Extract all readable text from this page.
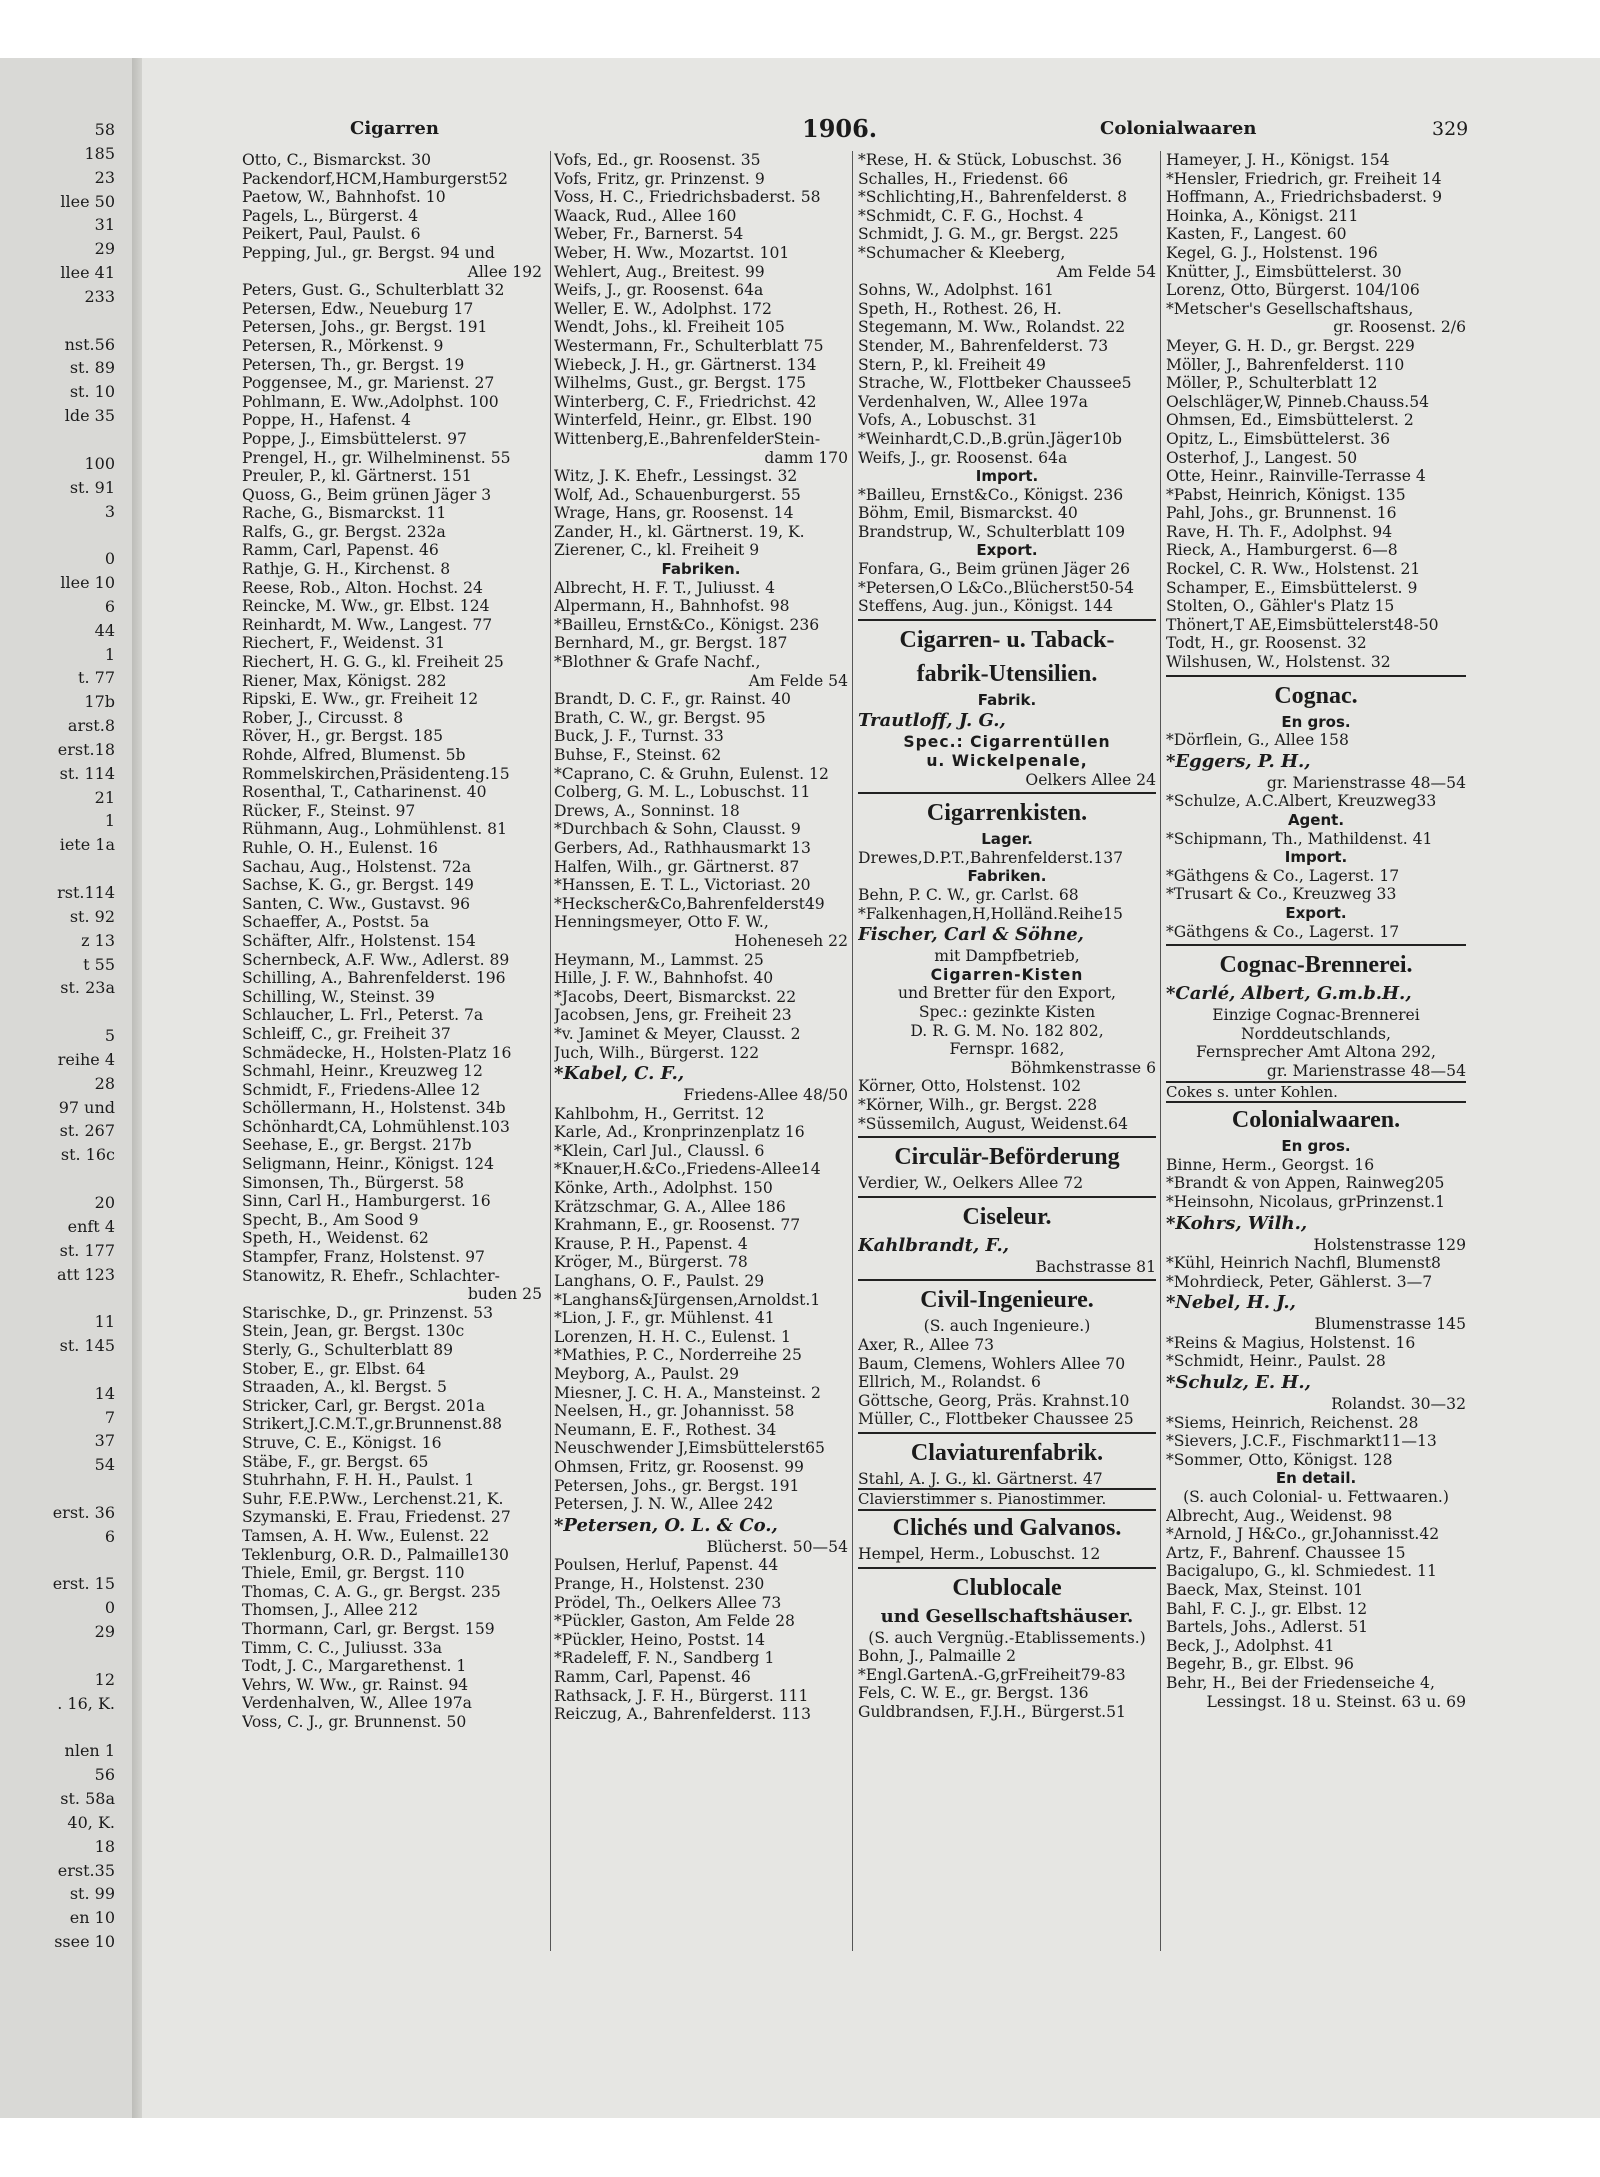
58
185
23
llee 50
31
29
llee 41
233
nst.56
st. 89
st. 10
lde 35
100
st. 91
3
0
llee 10
6
44
1
t. 77
17b
arst.8
erst.18
st. 114
21
1
iete 1a
rst.114
st. 92
z 13
t 55
st. 23a
5
reihe 4
28
97 und
st. 267
st. 16c
20
enft 4
st. 177
att 123
11
st. 145
14
7
37
54
erst. 36
6
erst. 15
0
29
12
. 16, K.
nlen 1
56
st. 58a
40, K.
18
erst.35
st. 99
en 10
ssee 10
Cigarren	1906.	Colonialwaaren	329
Otto, C., Bismarckst. 30
Packendorf,HCM,Hamburgerst52
Paetow, W., Bahnhofst. 10
Pagels, L., Bürgerst. 4
Peikert, Paul, Paulst. 6
Pepping, Jul., gr. Bergst. 94 und
Allee 192
Peters, Gust. G., Schulterblatt 32
Petersen, Edw., Neueburg 17
Petersen, Johs., gr. Bergst. 191
Petersen, R., Mörkenst. 9
Petersen, Th., gr. Bergst. 19
Poggensee, M., gr. Marienst. 27
Pohlmann, E. Ww.,Adolphst. 100
Poppe, H., Hafenst. 4
Poppe, J., Eimsbüttelerst. 97
Prengel, H., gr. Wilhelminenst. 55
Preuler, P., kl. Gärtnerst. 151
Quoss, G., Beim grünen Jäger 3
Rache, G., Bismarckst. 11
Ralfs, G., gr. Bergst. 232a
Ramm, Carl, Papenst. 46
Rathje, G. H., Kirchenst. 8
Reese, Rob., Alton. Hochst. 24
Reincke, M. Ww., gr. Elbst. 124
Reinhardt, M. Ww., Langest. 77
Riechert, F., Weidenst. 31
Riechert, H. G. G., kl. Freiheit 25
Riener, Max, Königst. 282
Ripski, E. Ww., gr. Freiheit 12
Rober, J., Circusst. 8
Röver, H., gr. Bergst. 185
Rohde, Alfred, Blumenst. 5b
Rommelskirchen,Präsidenteng.15
Rosenthal, T., Catharinenst. 40
Rücker, F., Steinst. 97
Rühmann, Aug., Lohmühlenst. 81
Ruhle, O. H., Eulenst. 16
Sachau, Aug., Holstenst. 72a
Sachse, K. G., gr. Bergst. 149
Santen, C. Ww., Gustavst. 96
Schaeffer, A., Postst. 5a
Schäfter, Alfr., Holstenst. 154
Schernbeck, A.F. Ww., Adlerst. 89
Schilling, A., Bahrenfelderst. 196
Schilling, W., Steinst. 39
Schlaucher, L. Frl., Peterst. 7a
Schleiff, C., gr. Freiheit 37
Schmädecke, H., Holsten-Platz 16
Schmahl, Heinr., Kreuzweg 12
Schmidt, F., Friedens-Allee 12
Schöllermann, H., Holstenst. 34b
Schönhardt,CA, Lohmühlenst.103
Seehase, E., gr. Bergst. 217b
Seligmann, Heinr., Königst. 124
Simonsen, Th., Bürgerst. 58
Sinn, Carl H., Hamburgerst. 16
Specht, B., Am Sood 9
Speth, H., Weidenst. 62
Stampfer, Franz, Holstenst. 97
Stanowitz, R. Ehefr., Schlachter-
buden 25
Starischke, D., gr. Prinzenst. 53
Stein, Jean, gr. Bergst. 130c
Sterly, G., Schulterblatt 89
Stober, E., gr. Elbst. 64
Straaden, A., kl. Bergst. 5
Stricker, Carl, gr. Bergst. 201a
Strikert,J.C.M.T.,gr.Brunnenst.88
Struve, C. E., Königst. 16
Stäbe, F., gr. Bergst. 65
Stuhrhahn, F. H. H., Paulst. 1
Suhr, F.E.P.Ww., Lerchenst.21, K.
Szymanski, E. Frau, Friedenst. 27
Tamsen, A. H. Ww., Eulenst. 22
Teklenburg, O.R. D., Palmaille130
Thiele, Emil, gr. Bergst. 110
Thomas, C. A. G., gr. Bergst. 235
Thomsen, J., Allee 212
Thormann, Carl, gr. Bergst. 159
Timm, C. C., Juliusst. 33a
Todt, J. C., Margarethenst. 1
Vehrs, W. Ww., gr. Rainst. 94
Verdenhalven, W., Allee 197a
Voss, C. J., gr. Brunnenst. 50
Vofs, Ed., gr. Roosenst. 35
Vofs, Fritz, gr. Prinzenst. 9
Voss, H. C., Friedrichsbaderst. 58
Waack, Rud., Allee 160
Weber, Fr., Barnerst. 54
Weber, H. Ww., Mozartst. 101
Wehlert, Aug., Breitest. 99
Weifs, J., gr. Roosenst. 64a
Weller, E. W., Adolphst. 172
Wendt, Johs., kl. Freiheit 105
Westermann, Fr., Schulterblatt 75
Wiebeck, J. H., gr. Gärtnerst. 134
Wilhelms, Gust., gr. Bergst. 175
Winterberg, C. F., Friedrichst. 42
Winterfeld, Heinr., gr. Elbst. 190
Wittenberg,E.,BahrenfelderStein-
damm 170
Witz, J. K. Ehefr., Lessingst. 32
Wolf, Ad., Schauenburgerst. 55
Wrage, Hans, gr. Roosenst. 14
Zander, H., kl. Gärtnerst. 19, K.
Zierener, C., kl. Freiheit 9
Fabriken.
Albrecht, H. F. T., Juliusst. 4
Alpermann, H., Bahnhofst. 98
*Bailleu, Ernst&Co., Königst. 236
Bernhard, M., gr. Bergst. 187
*Blothner & Grafe Nachf.,
Am Felde 54
Brandt, D. C. F., gr. Rainst. 40
Brath, C. W., gr. Bergst. 95
Buck, J. F., Turnst. 33
Buhse, F., Steinst. 62
*Caprano, C. & Gruhn, Eulenst. 12
Colberg, G. M. L., Lobuschst. 11
Drews, A., Sonninst. 18
*Durchbach & Sohn, Clausst. 9
Gerbers, Ad., Rathhausmarkt 13
Halfen, Wilh., gr. Gärtnerst. 87
*Hanssen, E. T. L., Victoriast. 20
*Heckscher&Co,Bahrenfelderst49
Henningsmeyer, Otto F. W.,
Hoheneseh 22
Heymann, M., Lammst. 25
Hille, J. F. W., Bahnhofst. 40
*Jacobs, Deert, Bismarckst. 22
Jacobsen, Jens, gr. Freiheit 23
*v. Jaminet & Meyer, Clausst. 2
Juch, Wilh., Bürgerst. 122
*Kabel, C. F.,
Friedens-Allee 48/50
Kahlbohm, H., Gerritst. 12
Karle, Ad., Kronprinzenplatz 16
*Klein, Carl Jul., Claussl. 6
*Knauer,H.&Co.,Friedens-Allee14
Könke, Arth., Adolphst. 150
Krätzschmar, G. A., Allee 186
Krahmann, E., gr. Roosenst. 77
Krause, P. H., Papenst. 4
Kröger, M., Bürgerst. 78
Langhans, O. F., Paulst. 29
*Langhans&Jürgensen,Arnoldst.1
*Lion, J. F., gr. Mühlenst. 41
Lorenzen, H. H. C., Eulenst. 1
*Mathies, P. C., Norderreihe 25
Meyborg, A., Paulst. 29
Miesner, J. C. H. A., Mansteinst. 2
Neelsen, H., gr. Johannisst. 58
Neumann, E. F., Rothest. 34
Neuschwender J,Eimsbüttelerst65
Ohmsen, Fritz, gr. Roosenst. 99
Petersen, Johs., gr. Bergst. 191
Petersen, J. N. W., Allee 242
*Petersen, O. L. & Co.,
Blücherst. 50—54
Poulsen, Herluf, Papenst. 44
Prange, H., Holstenst. 230
Prödel, Th., Oelkers Allee 73
*Pückler, Gaston, Am Felde 28
*Pückler, Heino, Postst. 14
*Radeleff, F. N., Sandberg 1
Ramm, Carl, Papenst. 46
Rathsack, J. F. H., Bürgerst. 111
Reiczug, A., Bahrenfelderst. 113
*Rese, H. & Stück, Lobuschst. 36
Schalles, H., Friedenst. 66
*Schlichting,H., Bahrenfelderst. 8
*Schmidt, C. F. G., Hochst. 4
Schmidt, J. G. M., gr. Bergst. 225
*Schumacher & Kleeberg,
Am Felde 54
Sohns, W., Adolphst. 161
Speth, H., Rothest. 26, H.
Stegemann, M. Ww., Rolandst. 22
Stender, M., Bahrenfelderst. 73
Stern, P., kl. Freiheit 49
Strache, W., Flottbeker Chaussee5
Verdenhalven, W., Allee 197a
Vofs, A., Lobuschst. 31
*Weinhardt,C.D.,B.grün.Jäger10b
Weifs, J., gr. Roosenst. 64a
Import.
*Bailleu, Ernst&Co., Königst. 236
Böhm, Emil, Bismarckst. 40
Brandstrup, W., Schulterblatt 109
Export.
Fonfara, G., Beim grünen Jäger 26
*Petersen,O L&Co.,Blücherst50-54
Steffens, Aug. jun., Königst. 144
Cigarren- u. Taback-
fabrik-Utensilien.
Fabrik.
Trautloff, J. G.,
Spec.: Cigarrentüllen
u. Wickelpenale,
Oelkers Allee 24
Cigarrenkisten.
Lager.
Drewes,D.P.T.,Bahrenfelderst.137
Fabriken.
Behn, P. C. W., gr. Carlst. 68
*Falkenhagen,H,Holländ.Reihe15
Fischer, Carl & Söhne,
mit Dampfbetrieb,
Cigarren-Kisten
und Bretter für den Export,
Spec.: gezinkte Kisten
D. R. G. M. No. 182 802,
Fernspr. 1682,
Böhmkenstrasse 6
Körner, Otto, Holstenst. 102
*Körner, Wilh., gr. Bergst. 228
*Süssemilch, August, Weidenst.64
Circulär-Beförderung
Verdier, W., Oelkers Allee 72
Ciseleur.
Kahlbrandt, F.,
Bachstrasse 81
Civil-Ingenieure.
(S. auch Ingenieure.)
Axer, R., Allee 73
Baum, Clemens, Wohlers Allee 70
Ellrich, M., Rolandst. 6
Göttsche, Georg, Präs. Krahnst.10
Müller, C., Flottbeker Chaussee 25
Claviaturenfabrik.
Stahl, A. J. G., kl. Gärtnerst. 47
Clavierstimmer s. Pianostimmer.
Clichés und Galvanos.
Hempel, Herm., Lobuschst. 12
Clublocale
und Gesellschaftshäuser.
(S. auch Vergnüg.-Etablissements.)
Bohn, J., Palmaille 2
*Engl.GartenA.-G,grFreiheit79-83
Fels, C. W. E., gr. Bergst. 136
Guldbrandsen, F.J.H., Bürgerst.51
Hameyer, J. H., Königst. 154
*Hensler, Friedrich, gr. Freiheit 14
Hoffmann, A., Friedrichsbaderst. 9
Hoinka, A., Königst. 211
Kasten, F., Langest. 60
Kegel, G. J., Holstenst. 196
Knütter, J., Eimsbüttelerst. 30
Lorenz, Otto, Bürgerst. 104/106
*Metscher's Gesellschaftshaus,
gr. Roosenst. 2/6
Meyer, G. H. D., gr. Bergst. 229
Möller, J., Bahrenfelderst. 110
Möller, P., Schulterblatt 12
Oelschläger,W, Pinneb.Chauss.54
Ohmsen, Ed., Eimsbüttelerst. 2
Opitz, L., Eimsbüttelerst. 36
Osterhof, J., Langest. 50
Otte, Heinr., Rainville-Terrasse 4
*Pabst, Heinrich, Königst. 135
Pahl, Johs., gr. Brunnenst. 16
Rave, H. Th. F., Adolphst. 94
Rieck, A., Hamburgerst. 6—8
Rockel, C. R. Ww., Holstenst. 21
Schamper, E., Eimsbüttelerst. 9
Stolten, O., Gähler's Platz 15
Thönert,T AE,Eimsbüttelerst48-50
Todt, H., gr. Roosenst. 32
Wilshusen, W., Holstenst. 32
Cognac.
En gros.
*Dörflein, G., Allee 158
*Eggers, P. H.,
gr. Marienstrasse 48—54
*Schulze, A.C.Albert, Kreuzweg33
Agent.
*Schipmann, Th., Mathildenst. 41
Import.
*Gäthgens & Co., Lagerst. 17
*Trusart & Co., Kreuzweg 33
Export.
*Gäthgens & Co., Lagerst. 17
Cognac-Brennerei.
*Carlé, Albert, G.m.b.H.,
Einzige Cognac-Brennerei
Norddeutschlands,
Fernsprecher Amt Altona 292,
gr. Marienstrasse 48—54
Cokes s. unter Kohlen.
Colonialwaaren.
En gros.
Binne, Herm., Georgst. 16
*Brandt & von Appen, Rainweg205
*Heinsohn, Nicolaus, grPrinzenst.1
*Kohrs, Wilh.,
Holstenstrasse 129
*Kühl, Heinrich Nachfl, Blumenst8
*Mohrdieck, Peter, Gählerst. 3—7
*Nebel, H. J.,
Blumenstrasse 145
*Reins & Magius, Holstenst. 16
*Schmidt, Heinr., Paulst. 28
*Schulz, E. H.,
Rolandst. 30—32
*Siems, Heinrich, Reichenst. 28
*Sievers, J.C.F., Fischmarkt11—13
*Sommer, Otto, Königst. 128
En detail.
(S. auch Colonial- u. Fettwaaren.)
Albrecht, Aug., Weidenst. 98
*Arnold, J H&Co., gr.Johannisst.42
Artz, F., Bahrenf. Chaussee 15
Bacigalupo, G., kl. Schmiedest. 11
Baeck, Max, Steinst. 101
Bahl, F. C. J., gr. Elbst. 12
Bartels, Johs., Adlerst. 51
Beck, J., Adolphst. 41
Begehr, B., gr. Elbst. 96
Behr, H., Bei der Friedenseiche 4,
Lessingst. 18 u. Steinst. 63 u. 69
